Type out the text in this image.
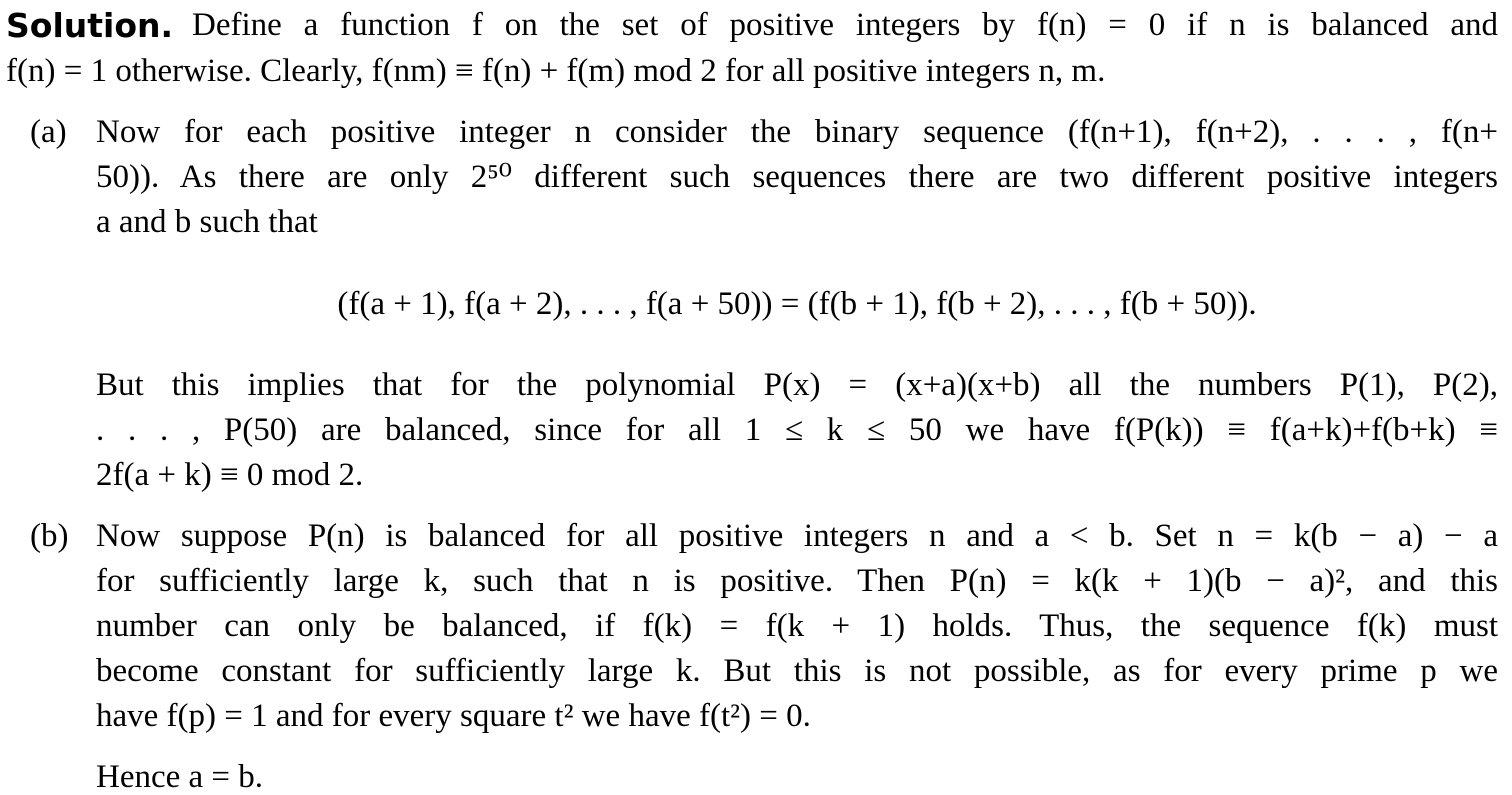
Solution. Define a function f on the set of positive integers by f(n) = 0 if n is balanced and
f(n) = 1 otherwise. Clearly, f(nm) ≡ f(n) + f(m) mod 2 for all positive integers n, m.
(a) Now for each positive integer n consider the binary sequence (f(n+1), f(n+2), . . . , f(n+
50)). As there are only 2⁵⁰ different such sequences there are two different positive integers
a and b such that
(f(a + 1), f(a + 2), . . . , f(a + 50)) = (f(b + 1), f(b + 2), . . . , f(b + 50)).
But this implies that for the polynomial P(x) = (x+a)(x+b) all the numbers P(1), P(2),
. . . , P(50) are balanced, since for all 1 ≤ k ≤ 50 we have f(P(k)) ≡ f(a+k)+f(b+k) ≡
2f(a + k) ≡ 0 mod 2.
(b) Now suppose P(n) is balanced for all positive integers n and a < b. Set n = k(b − a) − a
for sufficiently large k, such that n is positive. Then P(n) = k(k + 1)(b − a)², and this
number can only be balanced, if f(k) = f(k + 1) holds. Thus, the sequence f(k) must
become constant for sufficiently large k. But this is not possible, as for every prime p we
have f(p) = 1 and for every square t² we have f(t²) = 0.
Hence a = b.
